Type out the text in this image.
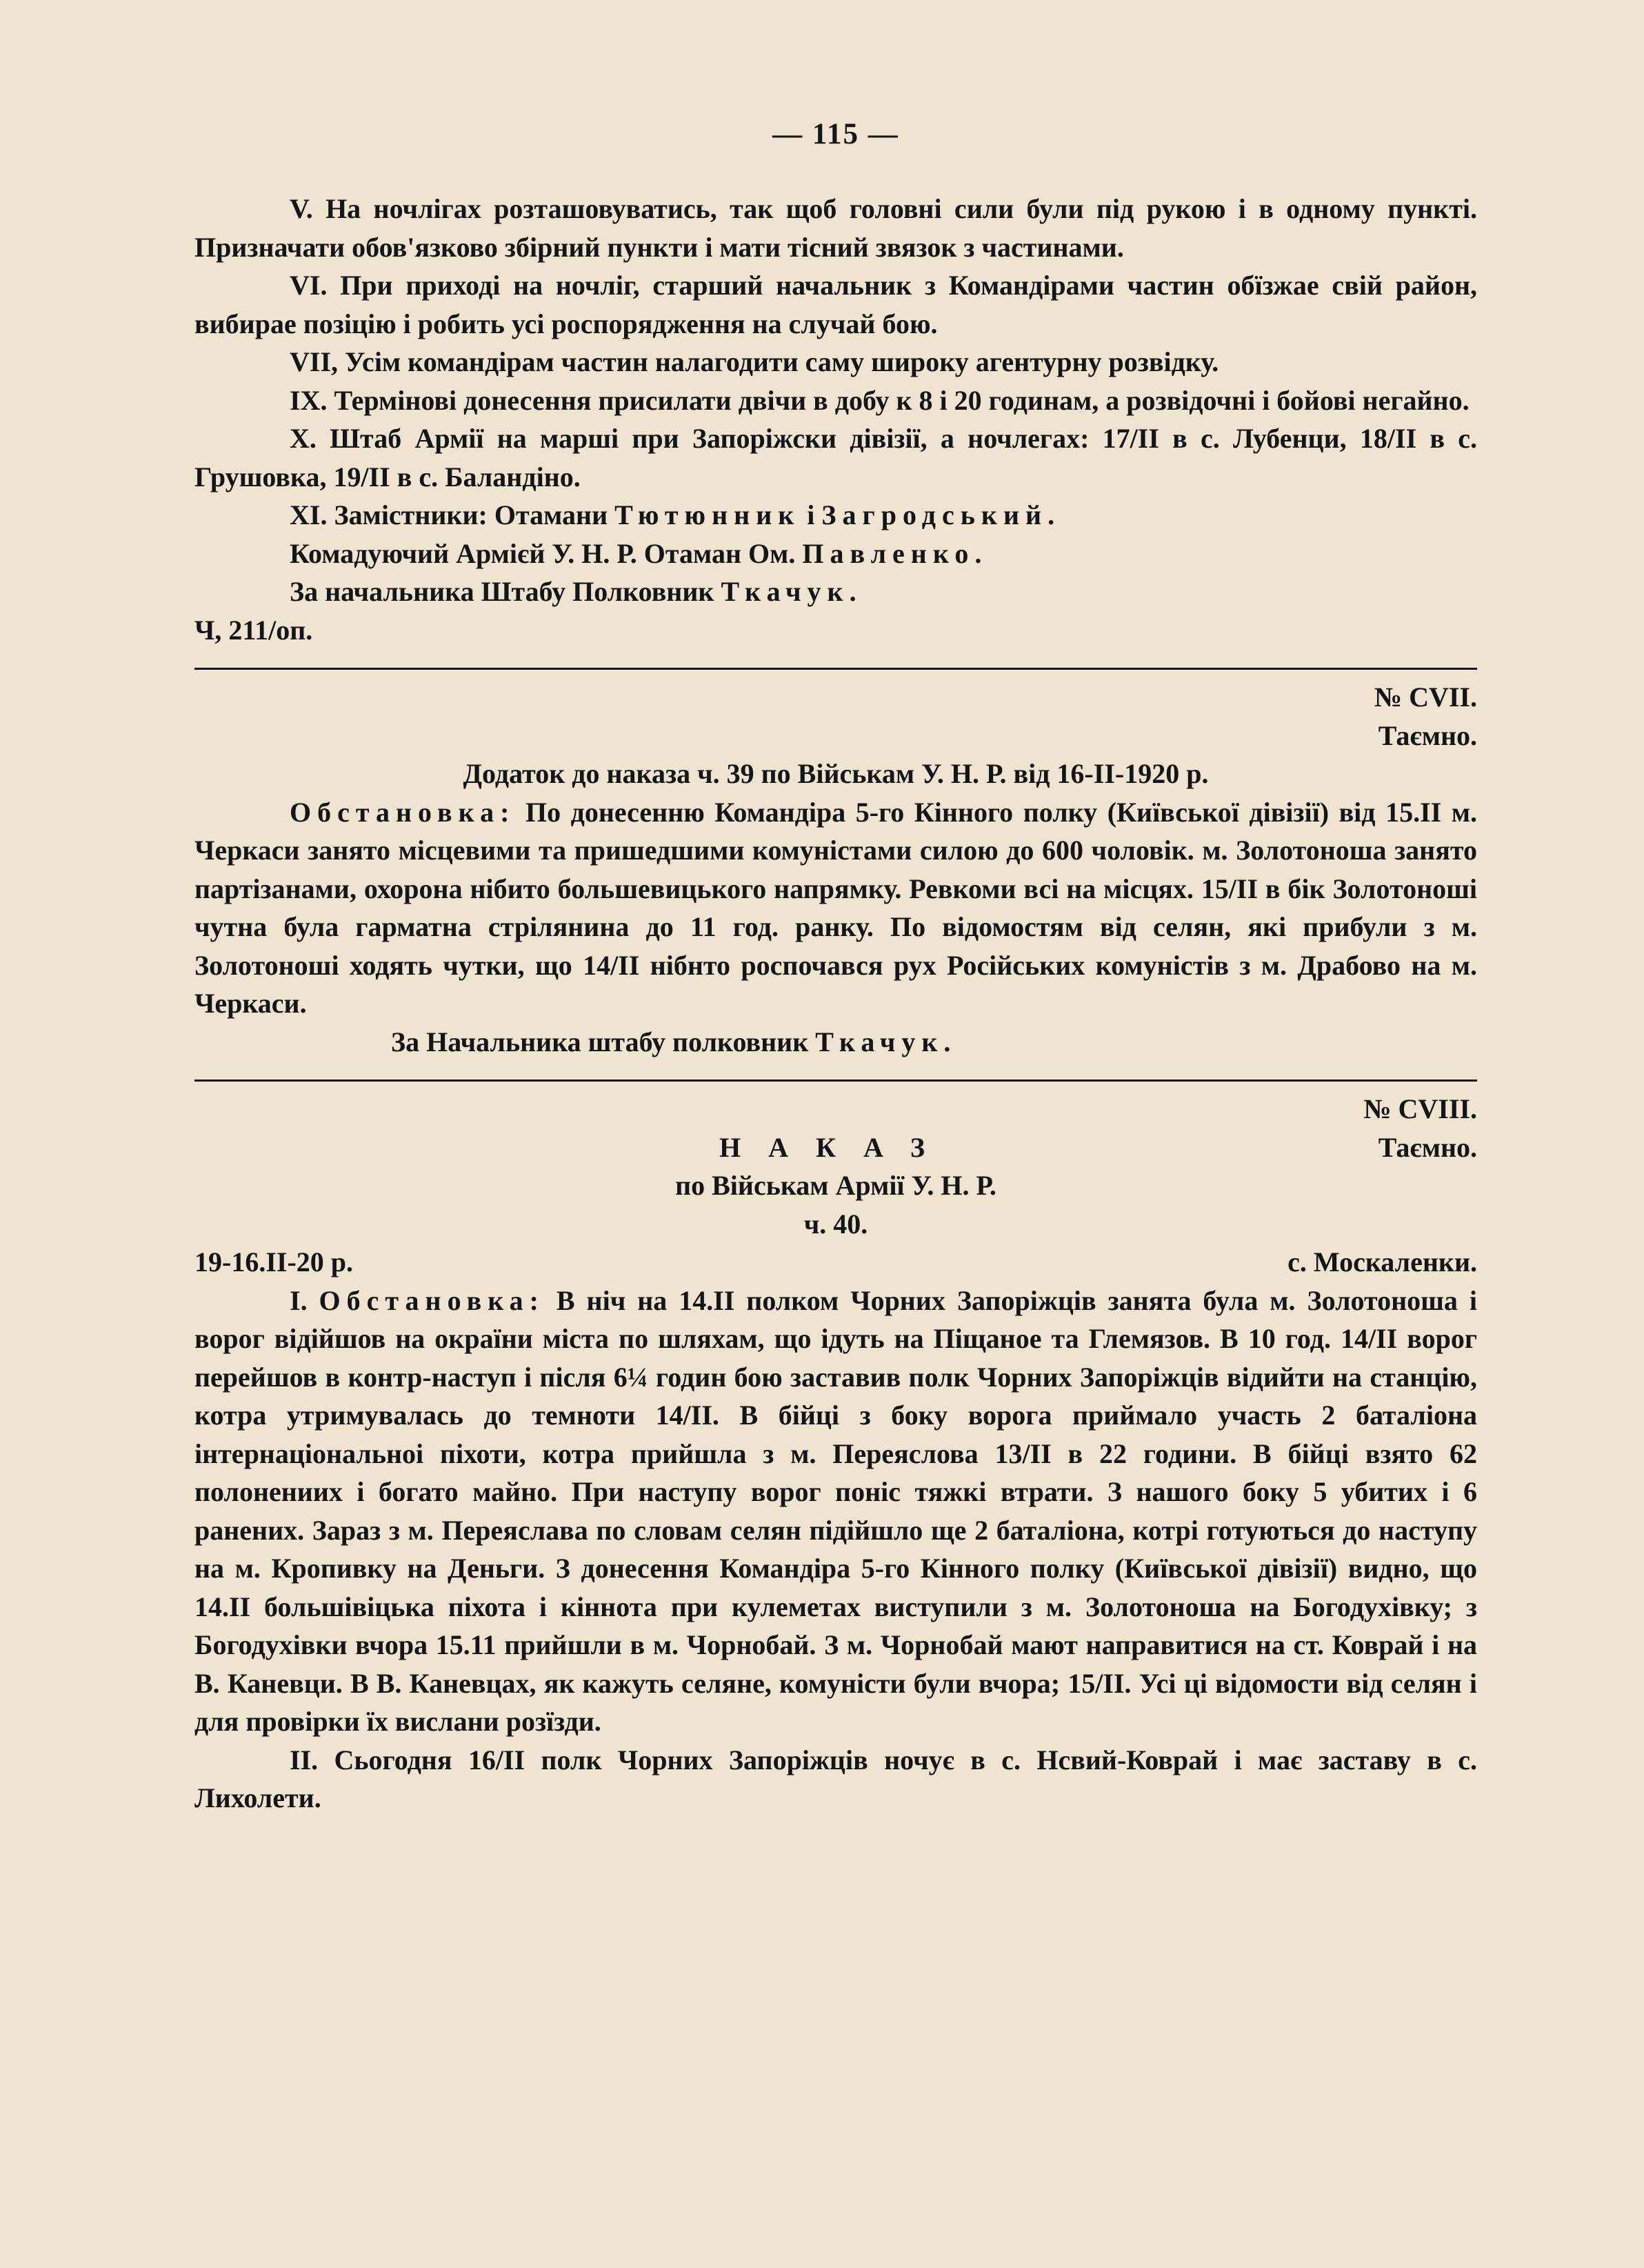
— 115 —

V. На ночлігах розташовуватись, так щоб головні сили були під рукою і в одному пункті. Призначати обов'язково збірний пункти і мати тісний звязок з частинами.

VI. При приході на ночліг, старший начальник з Командірами частин обїзжае свій район, вибирае позіцію і робить усі роспорядження на случай бою.

VII, Усім командірам частин налагодити саму широку агентурну розвідку.

IX. Термінові донесення присилати двічи в добу к 8 і 20 годинам, а розвідочні і бойові негайно.

X. Штаб Армії на марші при Запоріжски дівізії, а ночлегах: 17/II в с. Лубенци, 18/II в с. Грушовка, 19/II в с. Баландіно.

XI. Заміcтники: Отамани Тютюнник і Загродський.

Комадуючий Армієй У. Н. Р. Отаман Ом. Павленко.

За начальника Штабу Полковник Ткачук.

Ч, 211/оп.

№ CVII.

Таємно.

Додаток до наказа ч. 39 по Військам У. Н. Р. від 16-II-1920 р.

Обстановка: По донесенню Командіра 5-го Кінного полку (Київської дівізії) від 15.II м. Черкаси занято місцевими та пришедшими комуністами силою до 600 чоловік. м. Золотоноша занято партізанами, охорона нібито большевицького напрямку. Ревкоми всі на місцях. 15/II в бік Золотоноші чутна була гарматна стрілянина до 11 год. ранку. По відомостям від селян, які прибули з м. Золотоноші ходять чутки, що 14/II нібнто роспочався рух Російських комуністів з м. Драбово на м. Черкаси.

За Начальника штабу полковник Ткачук.

№ CVIII.

НАКАЗ	Таємно.

по Військам Армії У. Н. Р.

ч. 40.

19-16.II-20 р.	с. Москаленки.

I. Обстановка: В ніч на 14.II полком Чорних Запоріжців занята була м. Золотоноша і ворог відійшов на окраїни міста по шляхам, що ідуть на Піщаное та Глемязов. В 10 год. 14/II ворог перейшов в контр-наступ і після 6¼ годин бою заставив полк Чорних Запоріжців відийти на станцію, котра утримувалась до темноти 14/II. В бійці з боку ворога приймало участь 2 баталіона інтернаціональноі піхоти, котра прийшла з м. Переяслова 13/II в 22 години. В бійці взято 62 полонениих і богато майно. При наступу ворог поніс тяжкі втрати. З нашого боку 5 убитих і 6 ранених. Зараз з м. Переяслава по словам селян підійшло ще 2 баталіона, котрі готуються до наступу на м. Кропивку на Деньги. З донесення Командіра 5-го Кінного полку (Київської дівізії) видно, що 14.II большівіцька піхота і кіннота при кулеметах виступили з м. Золотоноша на Богодухівку; з Богодухівки вчора 15.11 прийшли в м. Чорнобай. З м. Чорнобай мают направитися на ст. Коврай і на В. Каневци. В В. Каневцах, як кажуть селяне, комуністи були вчора; 15/II. Усі ці відомости від селян і для провірки їх вислани розїзди.

II. Сьогодня 16/II полк Чорних Запоріжців ночує в с. Нсвий-Коврай і має заставу в с. Лихолети.
